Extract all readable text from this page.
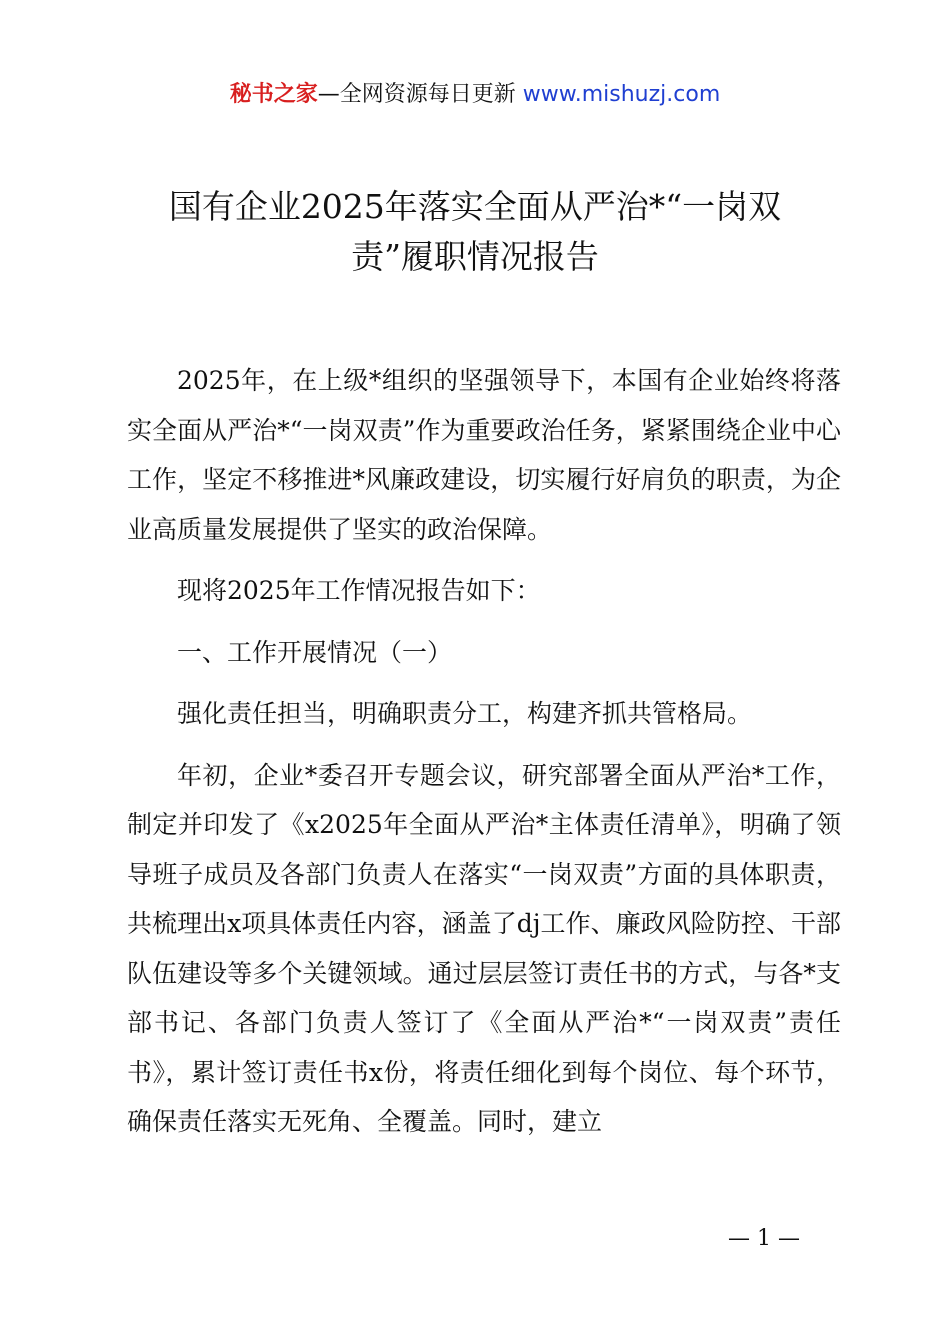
秘书之家—全网资源每日更新 www.mishuzj.com
国有企业2025年落实全面从严治*“一岗双
责”履职情况报告

2025年，在上级*组织的坚强领导下，本国有企业始终将落实全面从严治*“一岗双责”作为重要政治任务，紧紧围绕企业中心工作，坚定不移推进*风廉政建设，切实履行好肩负的职责，为企业高质量发展提供了坚实的政治保障。

现将2025年工作情况报告如下：

一、工作开展情况（一）

强化责任担当，明确职责分工，构建齐抓共管格局。

年初，企业*委召开专题会议，研究部署全面从严治*工作，制定并印发了《x2025年全面从严治*主体责任清单》，明确了领导班子成员及各部门负责人在落实“一岗双责”方面的具体职责，共梳理出x项具体责任内容，涵盖了dj工作、廉政风险防控、干部队伍建设等多个关键领域。通过层层签订责任书的方式，与各*支部书记、各部门负责人签订了《全面从严治*“一岗双责”责任书》，累计签订责任书x份，将责任细化到每个岗位、每个环节，确保责任落实无死角、全覆盖。同时，建立

— 1 —
